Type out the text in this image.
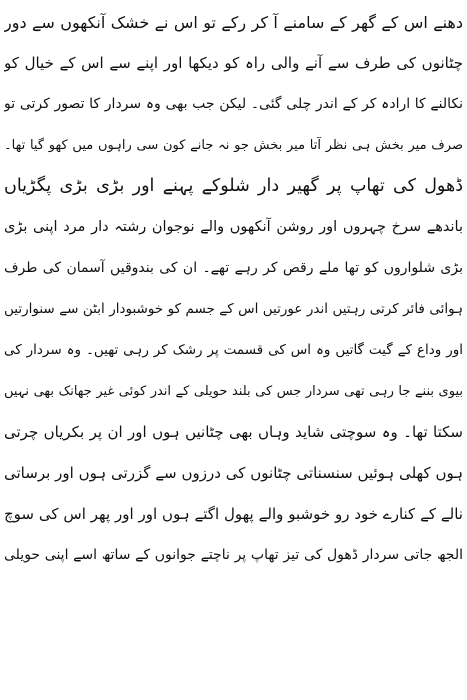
دھنے اس کے گھر کے سامنے آ کر رکے تو اس نے خشک آنکھوں سے دور
چٹانوں کی طرف سے آنے والی راہ کو دیکھا اور اپنے سے اس کے خیال کو
نکالنے کا ارادہ کر کے اندر چلی گئی۔ لیکن جب بھی وہ سردار کا تصور کرتی تو
صرف میر بخش ہی نظر آتا میر بخش جو نہ جانے کون سی راہوں میں کھو گیا تھا۔
ڈھول کی تھاپ پر گھیر دار شلوکے پہنے اور بڑی بڑی پگڑیاں
باندھے سرخ چہروں اور روشن آنکھوں والے نوجوان رشتہ دار مرد اپنی بڑی
بڑی شلواروں کو تھا ملے رقص کر رہے تھے۔ ان کی بندوقیں آسمان کی طرف
ہوائی فائر کرتی رہتیں اندر عورتیں اس کے جسم کو خوشبودار ابٹن سے سنوارتیں
اور وداع کے گیت گاتیں وہ اس کی قسمت پر رشک کر رہی تھیں۔ وہ سردار کی
بیوی بننے جا رہی تھی سردار جس کی بلند حویلی کے اندر کوئی غیر جھانک بھی نہیں
سکتا تھا۔ وہ سوچتی شاید وہاں بھی چٹانیں ہوں اور ان پر بکریاں چرتی
ہوں کھلی ہوئیں سنسناتی چٹانوں کی درزوں سے گزرتی ہوں اور برساتی
نالے کے کنارے خود رو خوشبو والے پھول اگتے ہوں اور اور پھر اس کی سوچ
الجھ جاتی سردار ڈھول کی تیز تھاپ پر ناچتے جوانوں کے ساتھ اسے اپنی حویلی
